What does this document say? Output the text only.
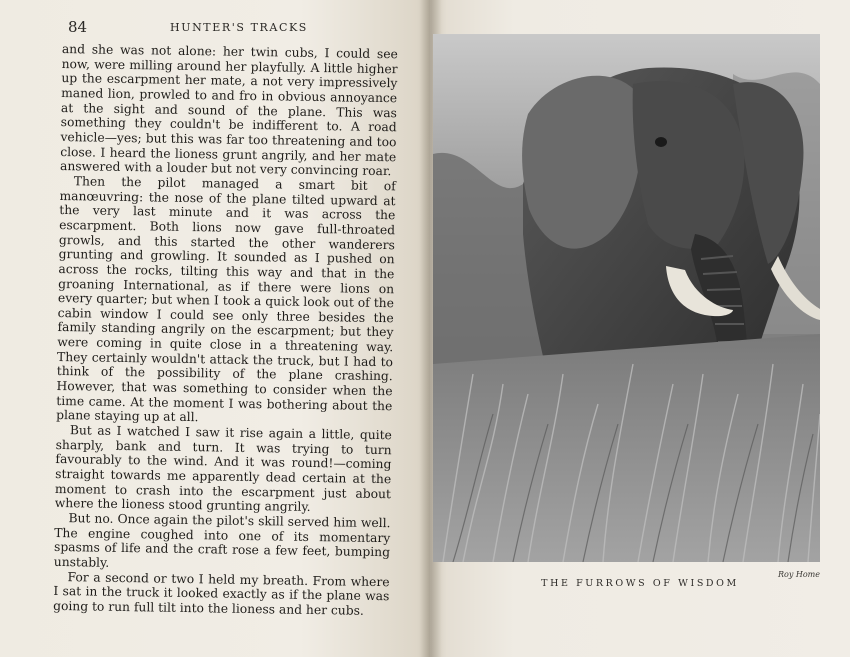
84	HUNTER'S TRACKS

and she was not alone: her twin cubs, I could see now, were milling around her playfully. A little higher up the escarpment her mate, a not very impressively maned lion, prowled to and fro in obvious annoyance at the sight and sound of the plane. This was something they couldn't be indifferent to. A road vehicle—yes; but this was far too threatening and too close. I heard the lioness grunt angrily, and her mate answered with a louder but not very convincing roar.

Then the pilot managed a smart bit of manœuvring: the nose of the plane tilted upward at the very last minute and it was across the escarpment. Both lions now gave full-throated growls, and this started the other wanderers grunting and growling. It sounded as I pushed on across the rocks, tilting this way and that in the groaning International, as if there were lions on every quarter; but when I took a quick look out of the cabin window I could see only three besides the family standing angrily on the escarpment; but they were coming in quite close in a threatening way. They certainly wouldn't attack the truck, but I had to think of the possibility of the plane crashing. However, that was something to consider when the time came. At the moment I was bothering about the plane staying up at all.

But as I watched I saw it rise again a little, quite sharply, bank and turn. It was trying to turn favourably to the wind. And it was round!—coming straight towards me apparently dead certain at the moment to crash into the escarpment just about where the lioness stood grunting angrily.

But no. Once again the pilot's skill served him well. The engine coughed into one of its momentary spasms of life and the craft rose a few feet, bumping unstably.

For a second or two I held my breath. From where I sat in the truck it looked exactly as if the plane was going to run full tilt into the lioness and her cubs.

Roy Home
THE FURROWS OF WISDOM
